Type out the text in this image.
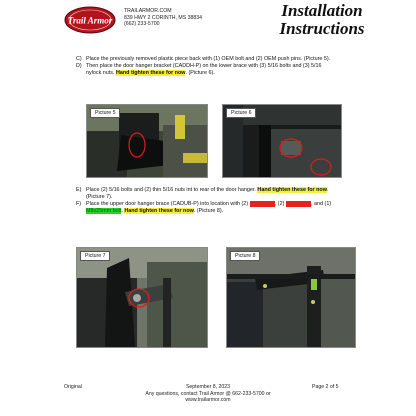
Trail Armor
TRAILARMOR.COM
839 HWY 2 CORINTH, MS 38834
(662) 233-5700
Installation
Instructions
C) Place the previously removed plastic piece back with (1) OEM bolt and (2) OEM push pins. (Picture 5).
D) Then place the door hanger bracket (CADDH-P) on the lower brace with (3) 5/16 bolts and (3) 5/16
nylock nuts. Hand tighten these for now. (Picture 6).
Picture 5	Picture 6
E) Place (2) 5/16 bolts and (2) thin 5/16 nuts int to rear of the door hanger. Hand tighten these for now.
(Picture 7).
F) Place the upper door hanger brace (CADUB-P) into location with (2) XXXXXXX, (2) XXXXXXX, and (1)
M8x25mm bolt. Hand tighten these for now. (Picture 8).
Picture 7	Picture 8
Original	September 8, 2023
Any questions, contact Trail Armor @ 662-233-5700 or
www.trailarmor.com
Page 2 of 5
